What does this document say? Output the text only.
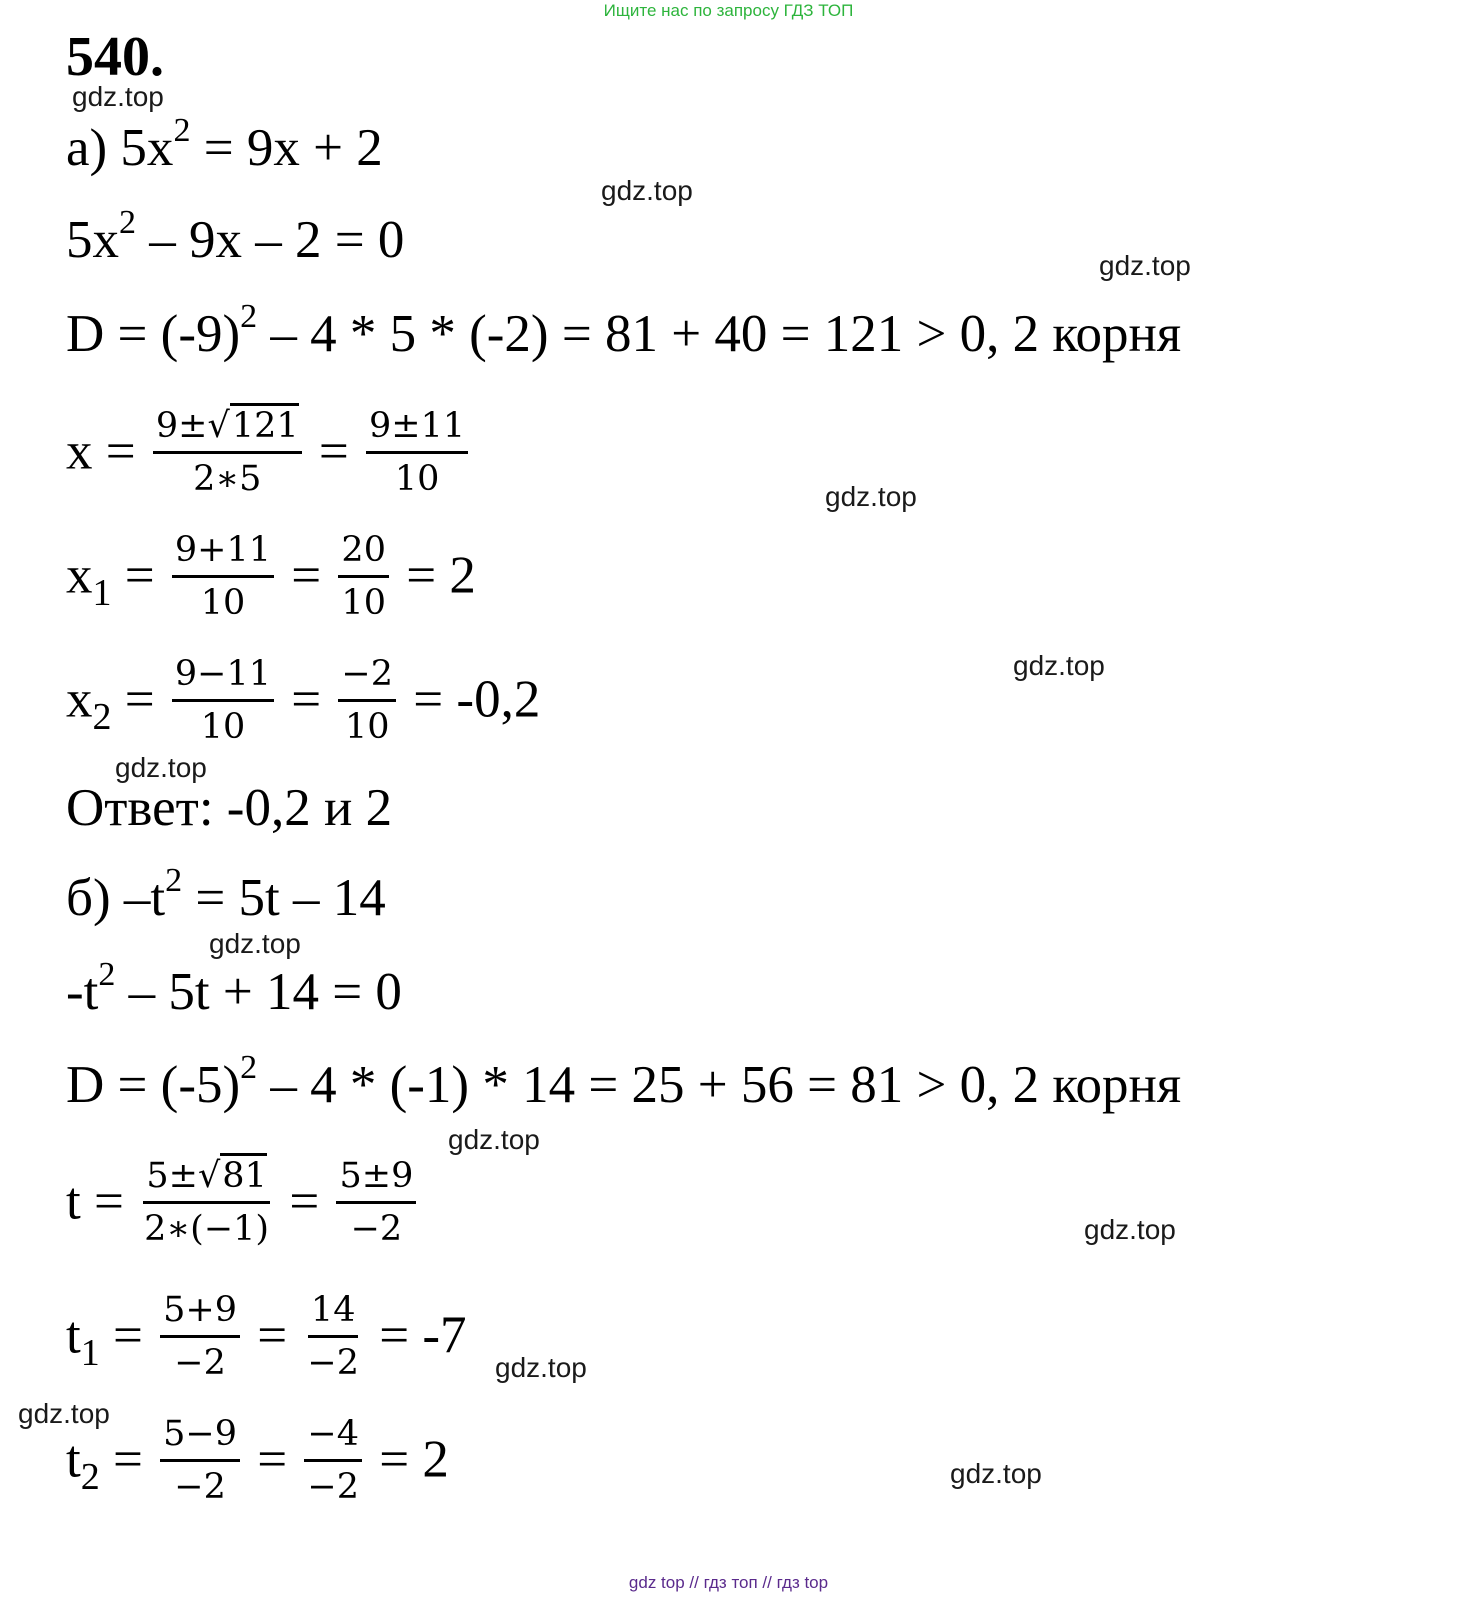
Ищите нас по запросу ГДЗ ТОП
540.
gdz.top
gdz.top
gdz.top
gdz.top
gdz.top
gdz.top
gdz.top
gdz.top
gdz.top
gdz.top
gdz.top
gdz.top
а) $5x^2 = 9x + 2$
$5x^2 - 9x - 2 = 0$
$D = (-9)^2 - 4 * 5 * (-2) = 81 + 40 = 121 > 0$, 2 корня
$x = \frac{9\pm√121}{2∗5} = \frac{9\pm 11}{10}$
$x_1 = \frac{9+11}{10} = \frac{20}{10} = 2$
$x_2 = \frac{9-11}{10} = \frac{-2}{10} = -0,2$
Ответ: -0,2 и 2
б) $-t^2 = 5t - 14$
$-t^2 - 5t + 14 = 0$
$D = (-5)^2 - 4 * (-1) * 14 = 25 + 56 = 81 > 0$, 2 корня
$t = \frac{5\pm√81}{2∗(-1)} = \frac{5\pm 9}{-2}$
$t_1 = \frac{5+9}{-2} = \frac{14}{-2} = -7$
$t_2 = \frac{5-9}{-2} = \frac{-4}{-2} = 2$
gdz top // гдз топ // гдз top
